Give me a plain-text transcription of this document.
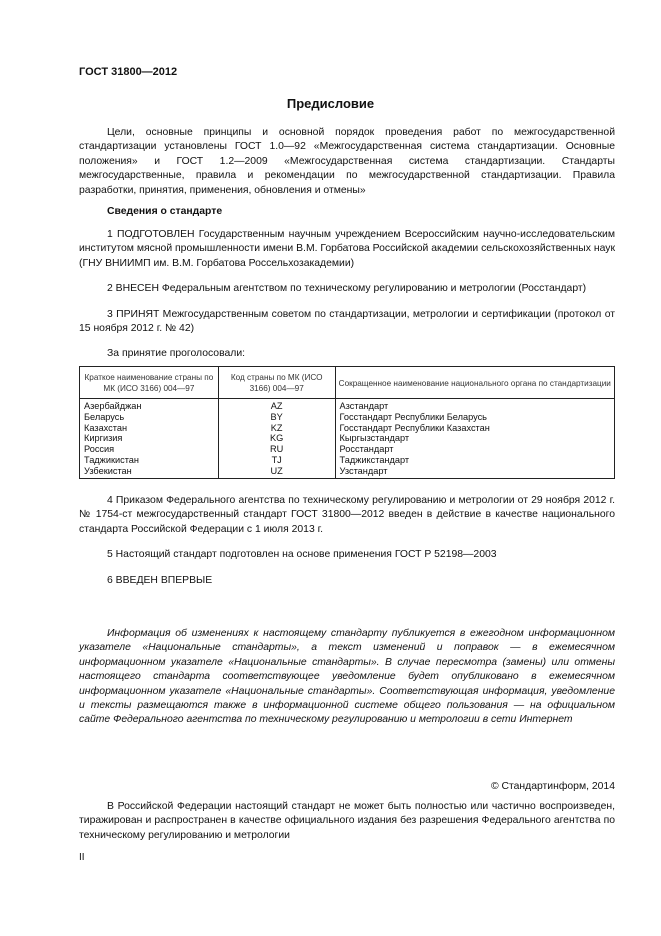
ГОСТ 31800—2012
Предисловие
Цели, основные принципы и основной порядок проведения работ по межгосударственной стандартизации установлены ГОСТ 1.0—92 «Межгосударственная система стандартизации. Основные положения» и ГОСТ 1.2—2009 «Межгосударственная система стандартизации. Стандарты межгосударственные, правила и рекомендации по межгосударственной стандартизации. Правила разработки, принятия, применения, обновления и отмены»
Сведения о стандарте
1 ПОДГОТОВЛЕН Государственным научным учреждением Всероссийским научно-исследовательским институтом мясной промышленности имени В.М. Горбатова Российской академии сельскохозяйственных наук (ГНУ ВНИИМП им. В.М. Горбатова Россельхозакадемии)
2 ВНЕСЕН Федеральным агентством по техническому регулированию и метрологии (Росстандарт)
3 ПРИНЯТ Межгосударственным советом по стандартизации, метрологии и сертификации (протокол от 15 ноября 2012 г. № 42)
За принятие проголосовали:
Краткое наименование страны по МК (ИСО 3166) 004—97	Код страны по МК (ИСО 3166) 004—97	Сокращенное наименование национального органа по стандартизации
Азербайджан	AZ	Азстандарт
Беларусь	BY	Госстандарт Республики Беларусь
Казахстан	KZ	Госстандарт Республики Казахстан
Киргизия	KG	Кыргызстандарт
Россия	RU	Росстандарт
Таджикистан	TJ	Таджикстандарт
Узбекистан	UZ	Узстандарт
4 Приказом Федерального агентства по техническому регулированию и метрологии от 29 ноября 2012 г. № 1754-ст межгосударственный стандарт ГОСТ 31800—2012 введен в действие в качестве национального стандарта Российской Федерации с 1 июля 2013 г.
5 Настоящий стандарт подготовлен на основе применения ГОСТ Р 52198—2003
6 ВВЕДЕН ВПЕРВЫЕ
Информация об изменениях к настоящему стандарту публикуется в ежегодном информационном указателе «Национальные стандарты», а текст изменений и поправок — в ежемесячном информационном указателе «Национальные стандарты». В случае пересмотра (замены) или отмены настоящего стандарта соответствующее уведомление будет опубликовано в ежемесячном информационном указателе «Национальные стандарты». Соответствующая информация, уведомление и тексты размещаются также в информационной системе общего пользования — на официальном сайте Федерального агентства по техническому регулированию и метрологии в сети Интернет
© Стандартинформ, 2014
В Российской Федерации настоящий стандарт не может быть полностью или частично воспроизведен, тиражирован и распространен в качестве официального издания без разрешения Федерального агентства по техническому регулированию и метрологии
II
